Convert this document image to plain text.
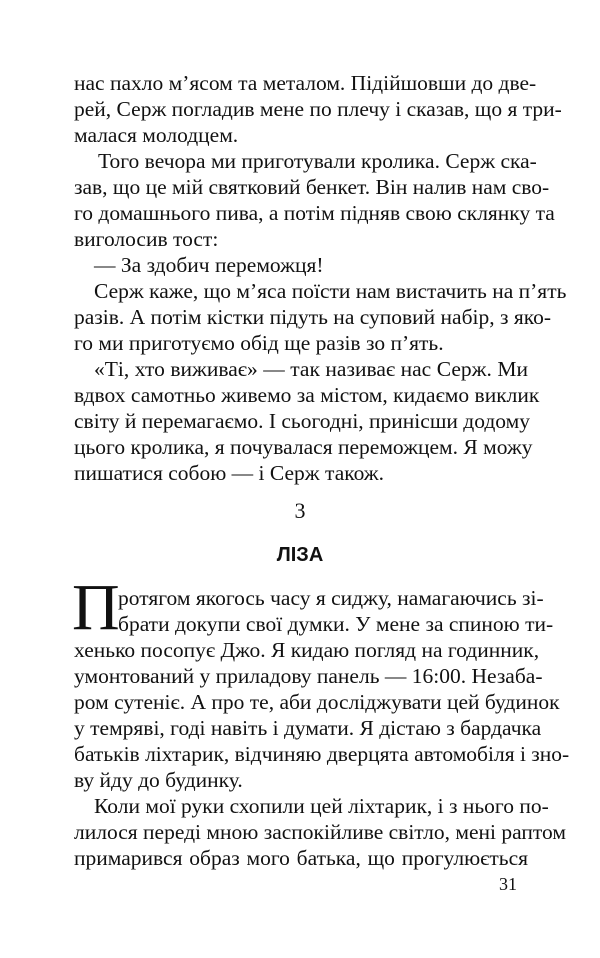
нас пахло м’ясом та металом. Підійшовши до две-
рей, Серж погладив мене по плечу і сказав, що я три-
малася молодцем.
Того вечора ми приготували кролика. Серж ска-
зав, що це мій святковий бенкет. Він налив нам сво-
го домашнього пива, а потім підняв свою склянку та
виголосив тост:
— За здобич переможця!
Серж каже, що м’яса поїсти нам вистачить на п’ять
разів. А потім кістки підуть на суповий набір, з яко-
го ми приготуємо обід ще разів зо п’ять.
«Ті, хто виживає» — так називає нас Серж. Ми
вдвох самотньо живемо за містом, кидаємо виклик
світу й перемагаємо. І сьогодні, принісши додому
цього кролика, я почувалася переможцем. Я можу
пишатися собою — і Серж також.
3
ЛІЗА
П
ротягом якогось часу я сиджу, намагаючись зі-
брати докупи свої думки. У мене за спиною ти-
хенько посопує Джо. Я кидаю погляд на годинник,
умонтований у приладову панель — 16:00. Незаба-
ром сутеніє. А про те, аби досліджувати цей будинок
у темряві, годі навіть і думати. Я дістаю з бардачка
батьків ліхтарик, відчиняю дверцята автомобіля і зно-
ву йду до будинку.
Коли мої руки схопили цей ліхтарик, і з нього по-
лилося переді мною заспокійливе світло, мені раптом
примарився образ мого батька, що прогулюється
31
